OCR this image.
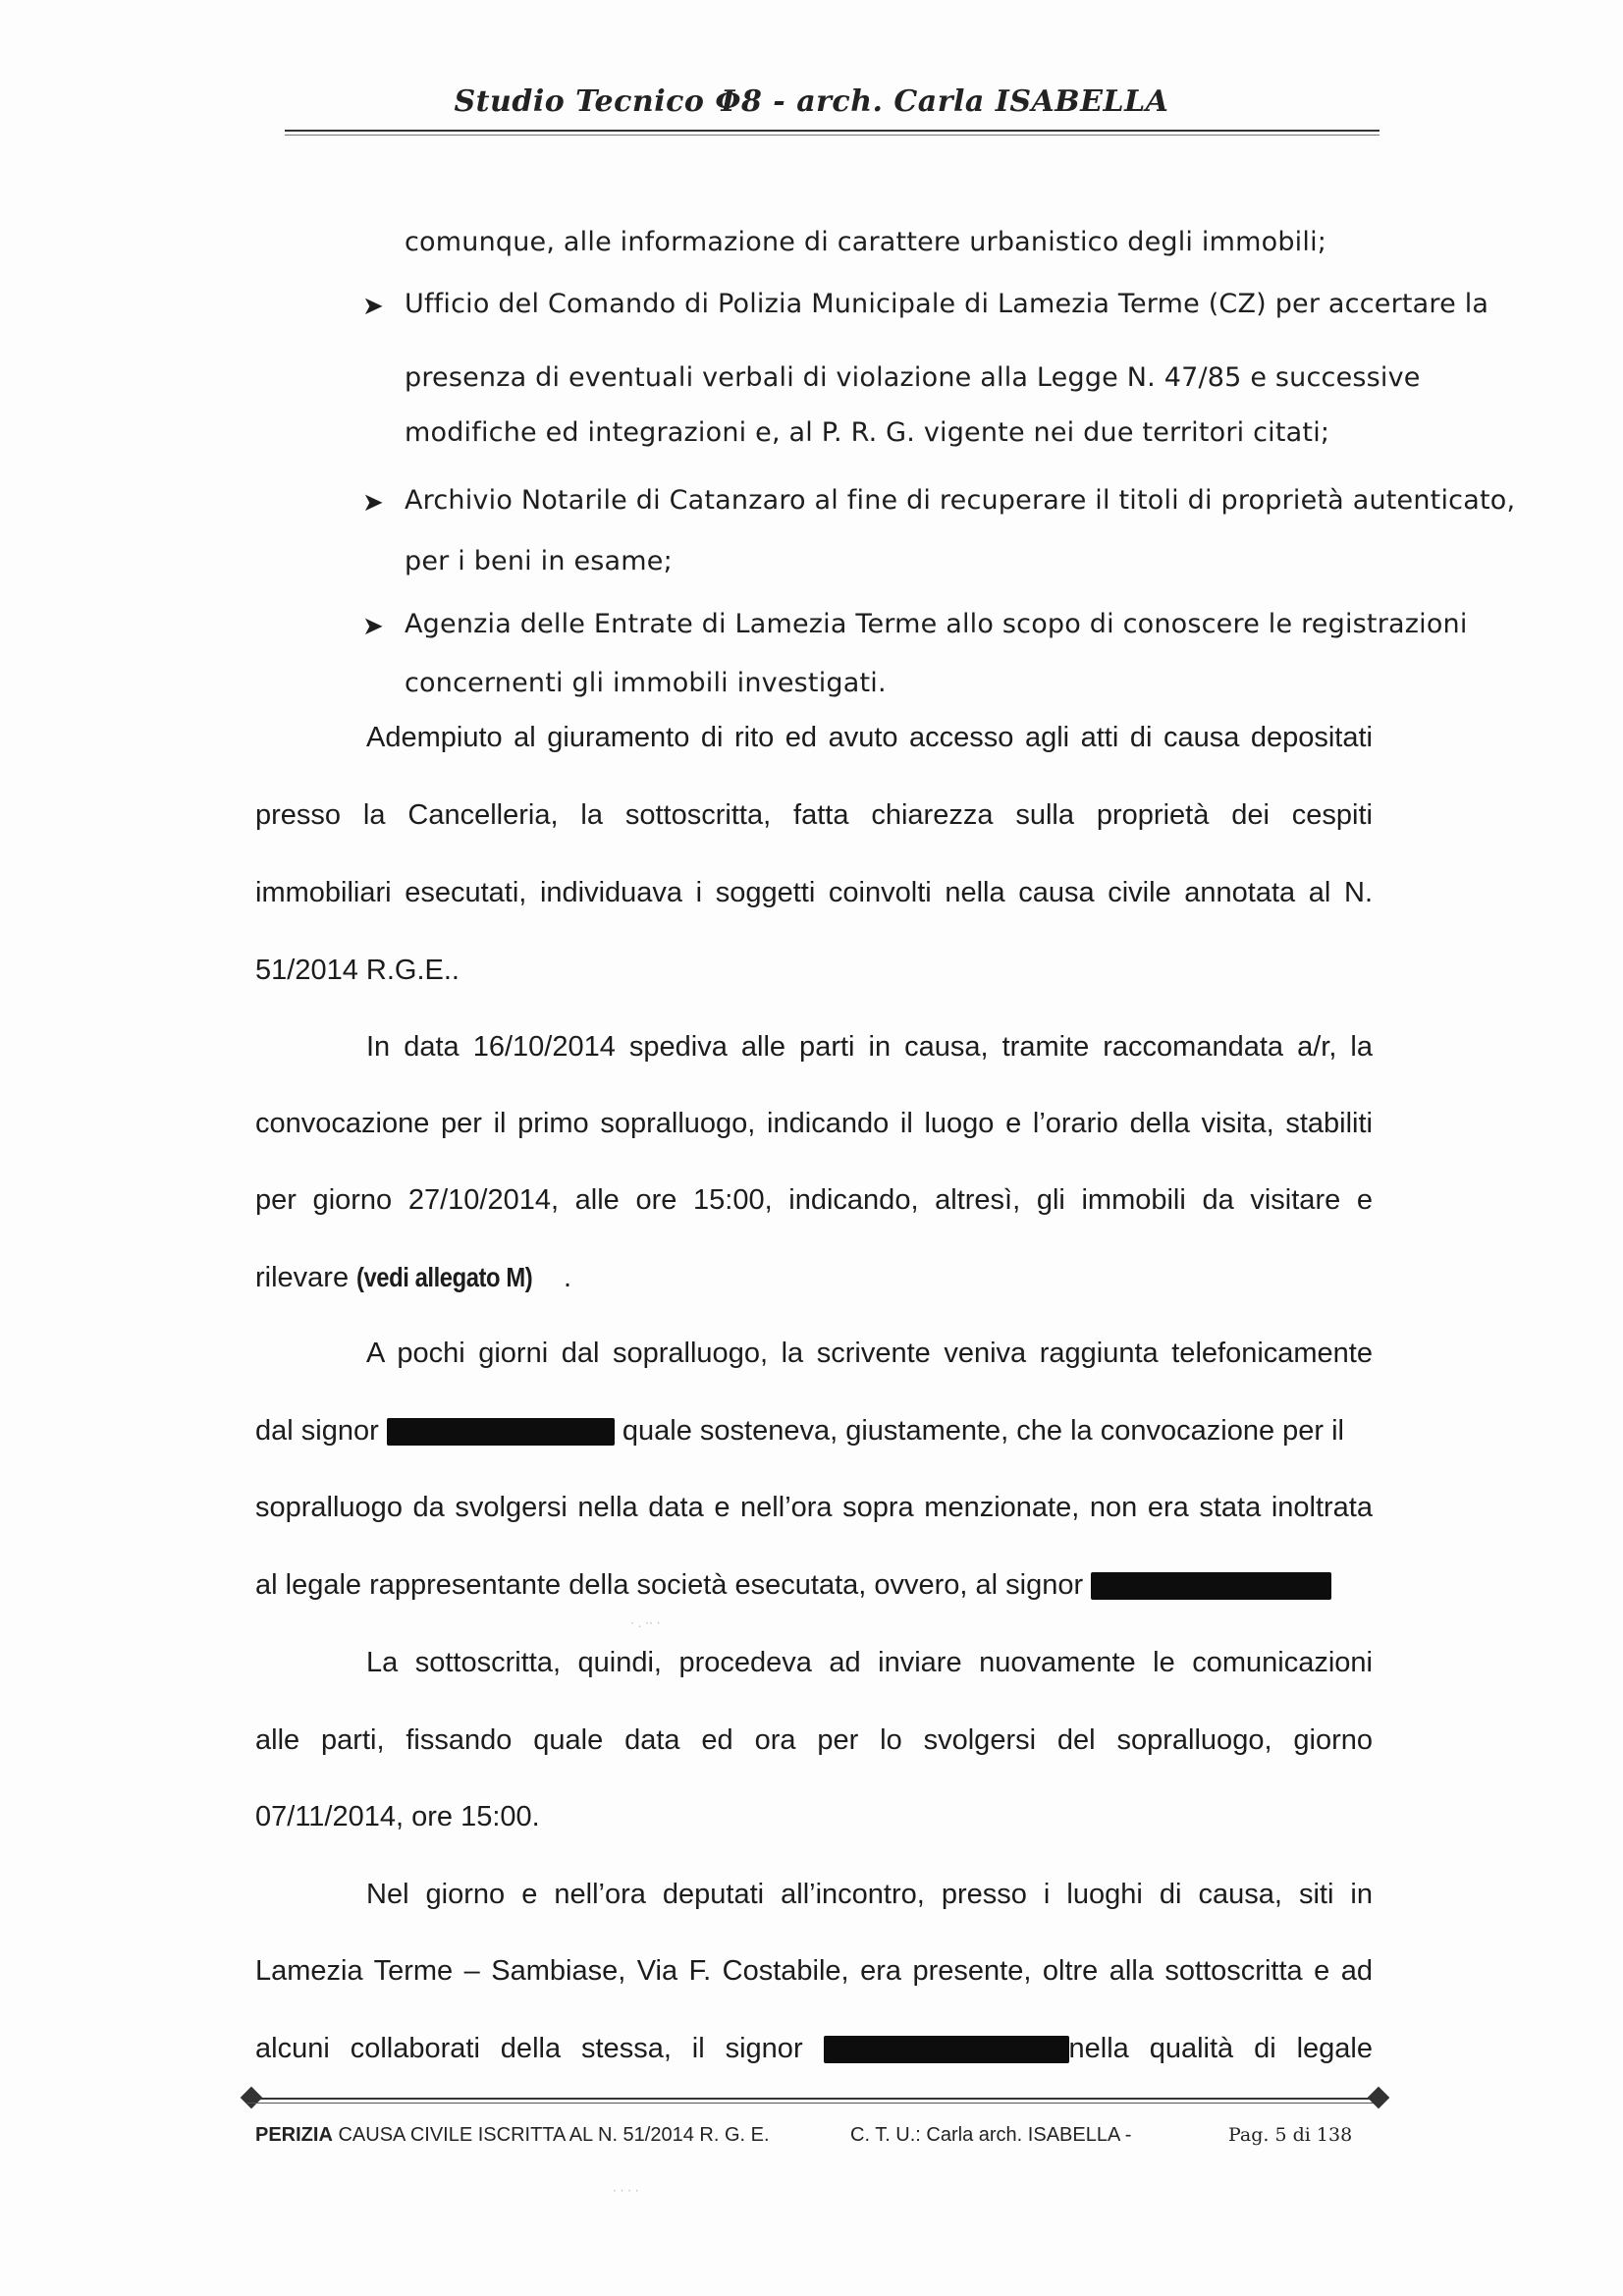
Studio Tecnico Φ8 - arch. Carla ISABELLA
comunque, alle informazione di carattere urbanistico degli immobili;
➤ Ufficio del Comando di Polizia Municipale di Lamezia Terme (CZ) per accertare la
presenza di eventuali verbali di violazione alla Legge N. 47/85 e successive
modifiche ed integrazioni e, al P. R. G. vigente nei due territori citati;
➤ Archivio Notarile di Catanzaro al fine di recuperare il titoli di proprietà autenticato,
per i beni in esame;
➤ Agenzia delle Entrate di Lamezia Terme allo scopo di conoscere le registrazioni
concernenti gli immobili investigati.
Adempiuto al giuramento di rito ed avuto accesso agli atti di causa depositati
presso la Cancelleria, la sottoscritta, fatta chiarezza sulla proprietà dei cespiti
immobiliari esecutati, individuava i soggetti coinvolti nella causa civile annotata al N.
51/2014 R.G.E..
In data 16/10/2014 spediva alle parti in causa, tramite raccomandata a/r, la
convocazione per il primo sopralluogo, indicando il luogo e l’orario della visita, stabiliti
per giorno 27/10/2014, alle ore 15:00, indicando, altresì, gli immobili da visitare e
rilevare (vedi allegato M) .
A pochi giorni dal sopralluogo, la scrivente veniva raggiunta telefonicamente
dal signor	quale sosteneva, giustamente, che la convocazione per il
sopralluogo da svolgersi nella data e nell’ora sopra menzionate, non era stata inoltrata
al legale rappresentante della società esecutata, ovvero, al signor
· . ·· ·
La sottoscritta, quindi, procedeva ad inviare nuovamente le comunicazioni
alle parti, fissando quale data ed ora per lo svolgersi del sopralluogo, giorno
07/11/2014, ore 15:00.
Nel giorno e nell’ora deputati all’incontro, presso i luoghi di causa, siti in
Lamezia Terme – Sambiase, Via F. Costabile, era presente, oltre alla sottoscritta e ad
alcuni collaborati della stessa, il signor	nella qualità di legale
PERIZIA CAUSA CIVILE ISCRITTA AL N. 51/2014 R. G. E.	C. T. U.: Carla arch. ISABELLA -	Pag. 5 di 138
· · · ·
